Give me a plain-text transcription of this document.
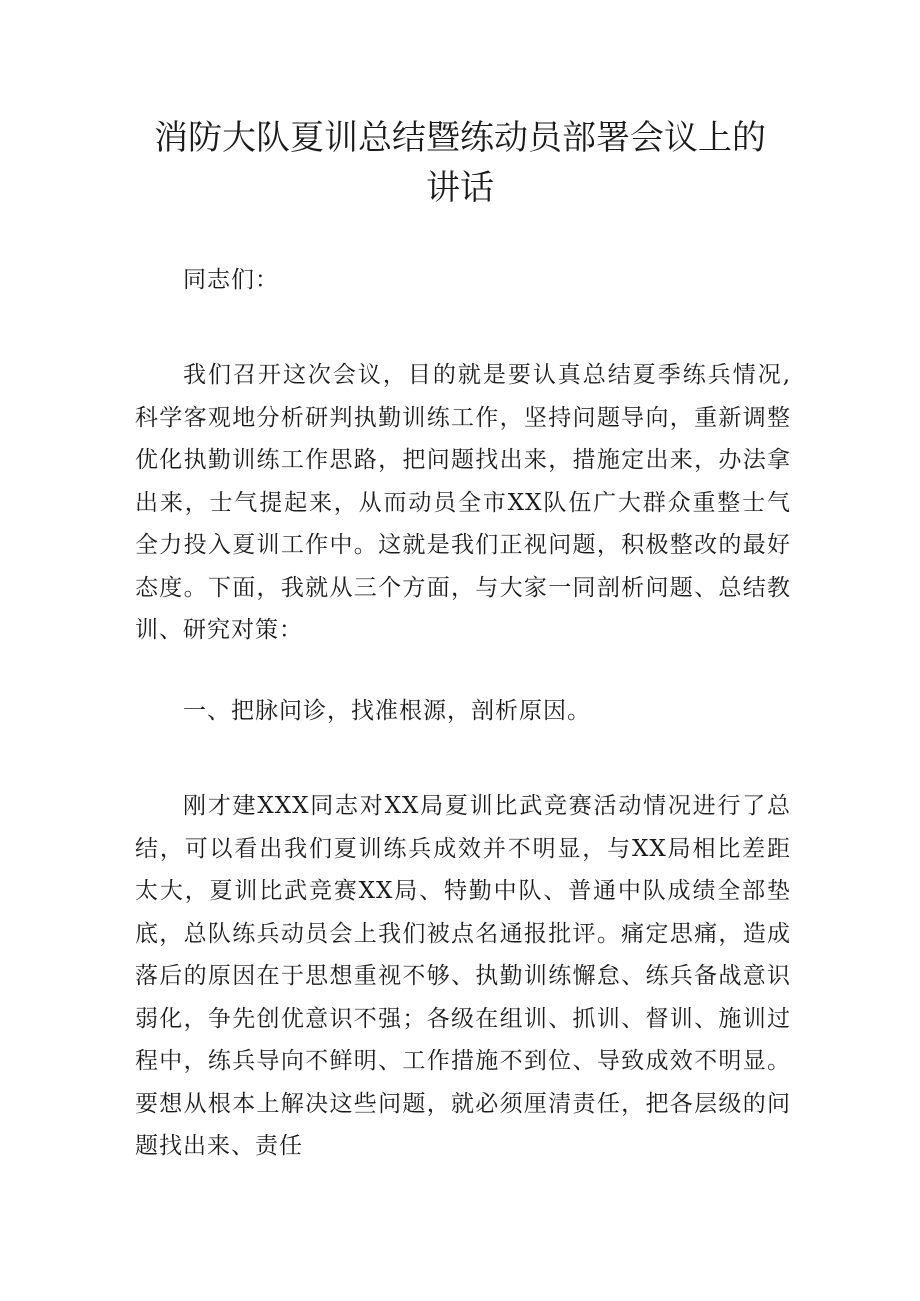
消防大队夏训总结暨练动员部署会议上的
讲话
同志们：
我们召开这次会议，目的就是要认真总结夏季练兵情况,科学客观地分析研判执勤训练工作，坚持问题导向，重新调整优化执勤训练工作思路，把问题找出来，措施定出来，办法拿出来，士气提起来，从而动员全市XX队伍广大群众重整士气全力投入夏训工作中。这就是我们正视问题，积极整改的最好态度。下面，我就从三个方面，与大家一同剖析问题、总结教训、研究对策：
一、把脉问诊，找准根源，剖析原因。
刚才建XXX同志对XX局夏训比武竞赛活动情况进行了总结，可以看出我们夏训练兵成效并不明显，与XX局相比差距太大，夏训比武竞赛XX局、特勤中队、普通中队成绩全部垫底，总队练兵动员会上我们被点名通报批评。痛定思痛，造成落后的原因在于思想重视不够、执勤训练懈怠、练兵备战意识弱化，争先创优意识不强；各级在组训、抓训、督训、施训过程中，练兵导向不鲜明、工作措施不到位、导致成效不明显。要想从根本上解决这些问题，就必须厘清责任，把各层级的问题找出来、责任
